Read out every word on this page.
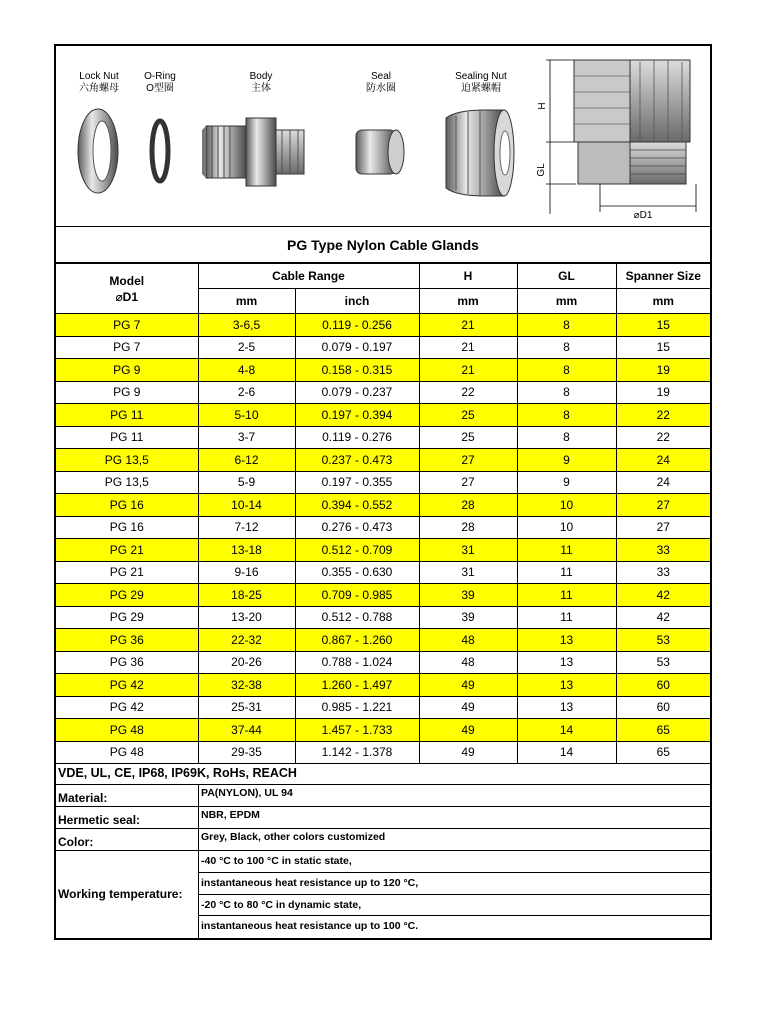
Lock Nut
六角螺母
O-Ring
O型圈
Body
主体
Seal
防水圈
Sealing Nut
迫紧螺帽
H
GL
⌀D1
PG Type Nylon Cable Glands
Model
⌀D1	Cable Range		H	GL	Spanner Size
	mm	inch	mm	mm	mm
PG 7	3-6,5	0.119 - 0.256	21	8	15
PG 7	2-5	0.079 - 0.197	21	8	15
PG 9	4-8	0.158 - 0.315	21	8	19
PG 9	2-6	0.079 - 0.237	22	8	19
PG 11	5-10	0.197 - 0.394	25	8	22
PG 11	3-7	0.119 - 0.276	25	8	22
PG 13,5	6-12	0.237 - 0.473	27	9	24
PG 13,5	5-9	0.197 - 0.355	27	9	24
PG 16	10-14	0.394 - 0.552	28	10	27
PG 16	7-12	0.276 - 0.473	28	10	27
PG 21	13-18	0.512 - 0.709	31	11	33
PG 21	9-16	0.355 - 0.630	31	11	33
PG 29	18-25	0.709 - 0.985	39	11	42
PG 29	13-20	0.512 - 0.788	39	11	42
PG 36	22-32	0.867 - 1.260	48	13	53
PG 36	20-26	0.788 - 1.024	48	13	53
PG 42	32-38	1.260 - 1.497	49	13	60
PG 42	25-31	0.985 - 1.221	49	13	60
PG 48	37-44	1.457 - 1.733	49	14	65
PG 48	29-35	1.142 - 1.378	49	14	65
VDE, UL, CE, IP68, IP69K, RoHs, REACH
Material:	PA(NYLON), UL 94
Hermetic seal:	NBR, EPDM
Color:	Grey, Black, other colors customized
Working temperature:
-40 °C to 100 °C in static state,
instantaneous heat resistance up to 120 °C,
-20 °C to 80 °C in dynamic state,
instantaneous heat resistance up to 100 °C.
